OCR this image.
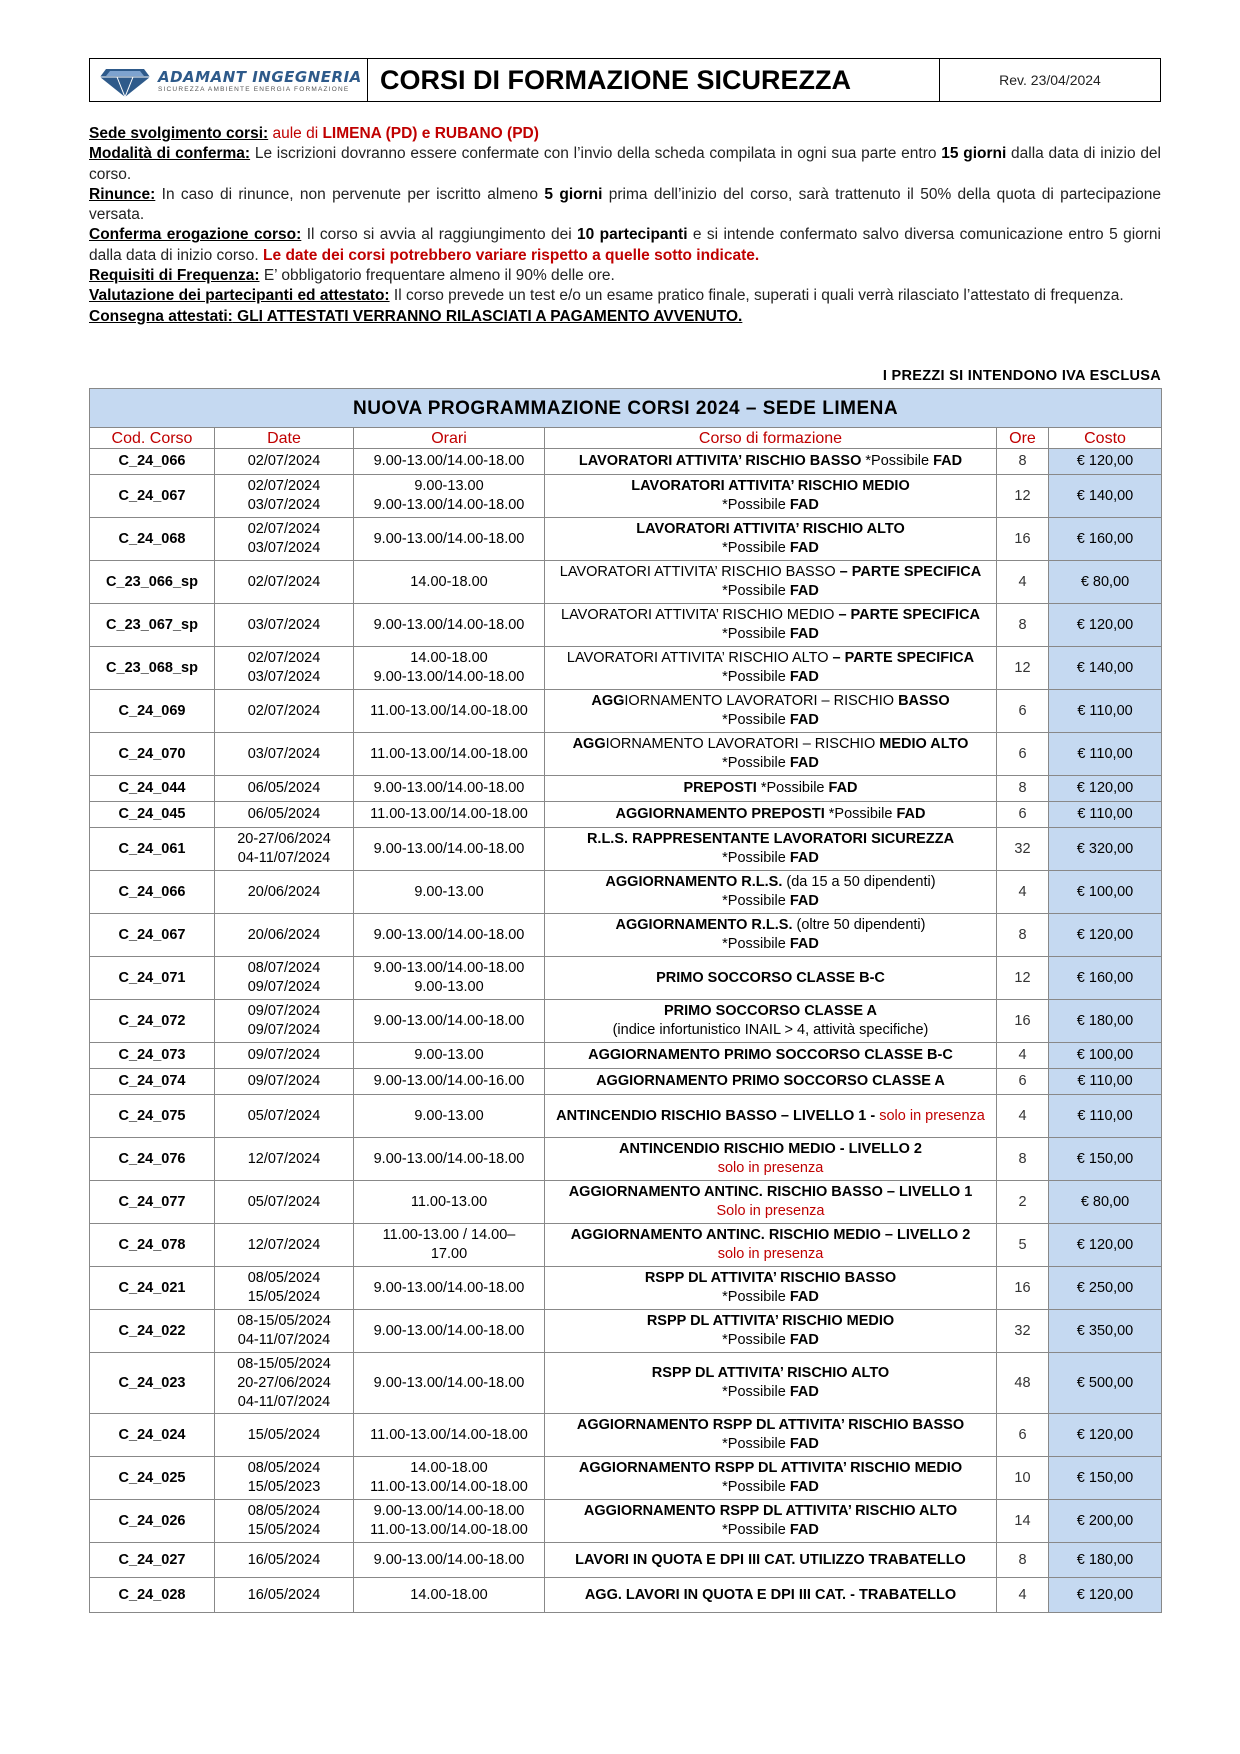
ADAMANT INGEGNERIA
SICUREZZA AMBIENTE ENERGIA FORMAZIONE	CORSI DI FORMAZIONE SICUREZZA	Rev. 23/04/2024

Sede svolgimento corsi: aule di LIMENA (PD) e RUBANO (PD)

Modalità di conferma: Le iscrizioni dovranno essere confermate con l’invio della scheda compilata in ogni sua parte entro 15 giorni dalla data di inizio del corso.

Rinunce: In caso di rinunce, non pervenute per iscritto almeno 5 giorni prima dell’inizio del corso, sarà trattenuto il 50% della quota di partecipazione versata.

Conferma erogazione corso: Il corso si avvia al raggiungimento dei 10 partecipanti e si intende confermato salvo diversa comunicazione entro 5 giorni dalla data di inizio corso. Le date dei corsi potrebbero variare rispetto a quelle sotto indicate.

Requisiti di Frequenza: E’ obbligatorio frequentare almeno il 90% delle ore.

Valutazione dei partecipanti ed attestato: Il corso prevede un test e/o un esame pratico finale, superati i quali verrà rilasciato l’attestato di frequenza.

Consegna attestati: GLI ATTESTATI VERRANNO RILASCIATI A PAGAMENTO AVVENUTO.

I PREZZI SI INTENDONO IVA ESCLUSA
NUOVA PROGRAMMAZIONE CORSI 2024 – SEDE LIMENA					
Cod. Corso	Date	Orari	Corso di formazione	Ore	Costo
C_24_066	02/07/2024	9.00-13.00/14.00-18.00	LAVORATORI ATTIVITA’ RISCHIO BASSO *Possibile FAD	8	€ 120,00
C_24_067	02/07/2024
03/07/2024	9.00-13.00
9.00-13.00/14.00-18.00	LAVORATORI ATTIVITA’ RISCHIO MEDIO
*Possibile FAD	12	€ 140,00
C_24_068	02/07/2024
03/07/2024	9.00-13.00/14.00-18.00	LAVORATORI ATTIVITA’ RISCHIO ALTO
*Possibile FAD	16	€ 160,00
C_23_066_sp	02/07/2024	14.00-18.00	LAVORATORI ATTIVITA’ RISCHIO BASSO – PARTE SPECIFICA *Possibile FAD	4	€ 80,00
C_23_067_sp	03/07/2024	9.00-13.00/14.00-18.00	LAVORATORI ATTIVITA’ RISCHIO MEDIO – PARTE SPECIFICA *Possibile FAD	8	€ 120,00
C_23_068_sp	02/07/2024
03/07/2024	14.00-18.00
9.00-13.00/14.00-18.00	LAVORATORI ATTIVITA’ RISCHIO ALTO – PARTE SPECIFICA
*Possibile FAD	12	€ 140,00
C_24_069	02/07/2024	11.00-13.00/14.00-18.00	AGGIORNAMENTO LAVORATORI – RISCHIO BASSO
*Possibile FAD	6	€ 110,00
C_24_070	03/07/2024	11.00-13.00/14.00-18.00	AGGIORNAMENTO LAVORATORI – RISCHIO MEDIO ALTO
*Possibile FAD	6	€ 110,00
C_24_044	06/05/2024	9.00-13.00/14.00-18.00	PREPOSTI *Possibile FAD	8	€ 120,00
C_24_045	06/05/2024	11.00-13.00/14.00-18.00	AGGIORNAMENTO PREPOSTI *Possibile FAD	6	€ 110,00
C_24_061	20-27/06/2024
04-11/07/2024	9.00-13.00/14.00-18.00	R.L.S. RAPPRESENTANTE LAVORATORI SICUREZZA
*Possibile FAD	32	€ 320,00
C_24_066	20/06/2024	9.00-13.00	AGGIORNAMENTO R.L.S. (da 15 a 50 dipendenti)
*Possibile FAD	4	€ 100,00
C_24_067	20/06/2024	9.00-13.00/14.00-18.00	AGGIORNAMENTO R.L.S. (oltre 50 dipendenti)
*Possibile FAD	8	€ 120,00
C_24_071	08/07/2024
09/07/2024	9.00-13.00/14.00-18.00
9.00-13.00	PRIMO SOCCORSO CLASSE B-C	12	€ 160,00
C_24_072	09/07/2024
09/07/2024	9.00-13.00/14.00-18.00	PRIMO SOCCORSO CLASSE A
(indice infortunistico INAIL > 4, attività specifiche)	16	€ 180,00
C_24_073	09/07/2024	9.00-13.00	AGGIORNAMENTO PRIMO SOCCORSO CLASSE B-C	4	€ 100,00
C_24_074	09/07/2024	9.00-13.00/14.00-16.00	AGGIORNAMENTO PRIMO SOCCORSO CLASSE A	6	€ 110,00
C_24_075	05/07/2024	9.00-13.00	ANTINCENDIO RISCHIO BASSO – LIVELLO 1 - solo in presenza	4	€ 110,00
C_24_076	12/07/2024	9.00-13.00/14.00-18.00	ANTINCENDIO RISCHIO MEDIO - LIVELLO 2
solo in presenza	8	€ 150,00
C_24_077	05/07/2024	11.00-13.00	AGGIORNAMENTO ANTINC. RISCHIO BASSO – LIVELLO 1
Solo in presenza	2	€ 80,00
C_24_078	12/07/2024	11.00-13.00 / 14.00–
17.00	AGGIORNAMENTO ANTINC. RISCHIO MEDIO – LIVELLO 2
solo in presenza	5	€ 120,00
C_24_021	08/05/2024
15/05/2024	9.00-13.00/14.00-18.00	RSPP DL ATTIVITA’ RISCHIO BASSO
*Possibile FAD	16	€ 250,00
C_24_022	08-15/05/2024
04-11/07/2024	9.00-13.00/14.00-18.00	RSPP DL ATTIVITA’ RISCHIO MEDIO
*Possibile FAD	32	€ 350,00
C_24_023	08-15/05/2024
20-27/06/2024
04-11/07/2024	9.00-13.00/14.00-18.00	RSPP DL ATTIVITA’ RISCHIO ALTO
*Possibile FAD	48	€ 500,00
C_24_024	15/05/2024	11.00-13.00/14.00-18.00	AGGIORNAMENTO RSPP DL ATTIVITA’ RISCHIO BASSO
*Possibile FAD	6	€ 120,00
C_24_025	08/05/2024
15/05/2023	14.00-18.00
11.00-13.00/14.00-18.00	AGGIORNAMENTO RSPP DL ATTIVITA’ RISCHIO MEDIO
*Possibile FAD	10	€ 150,00
C_24_026	08/05/2024
15/05/2024	9.00-13.00/14.00-18.00
11.00-13.00/14.00-18.00	AGGIORNAMENTO RSPP DL ATTIVITA’ RISCHIO ALTO
*Possibile FAD	14	€ 200,00
C_24_027	16/05/2024	9.00-13.00/14.00-18.00	LAVORI IN QUOTA E DPI III CAT. UTILIZZO TRABATELLO	8	€ 180,00
C_24_028	16/05/2024	14.00-18.00	AGG. LAVORI IN QUOTA E DPI III CAT. - TRABATELLO	4	€ 120,00
